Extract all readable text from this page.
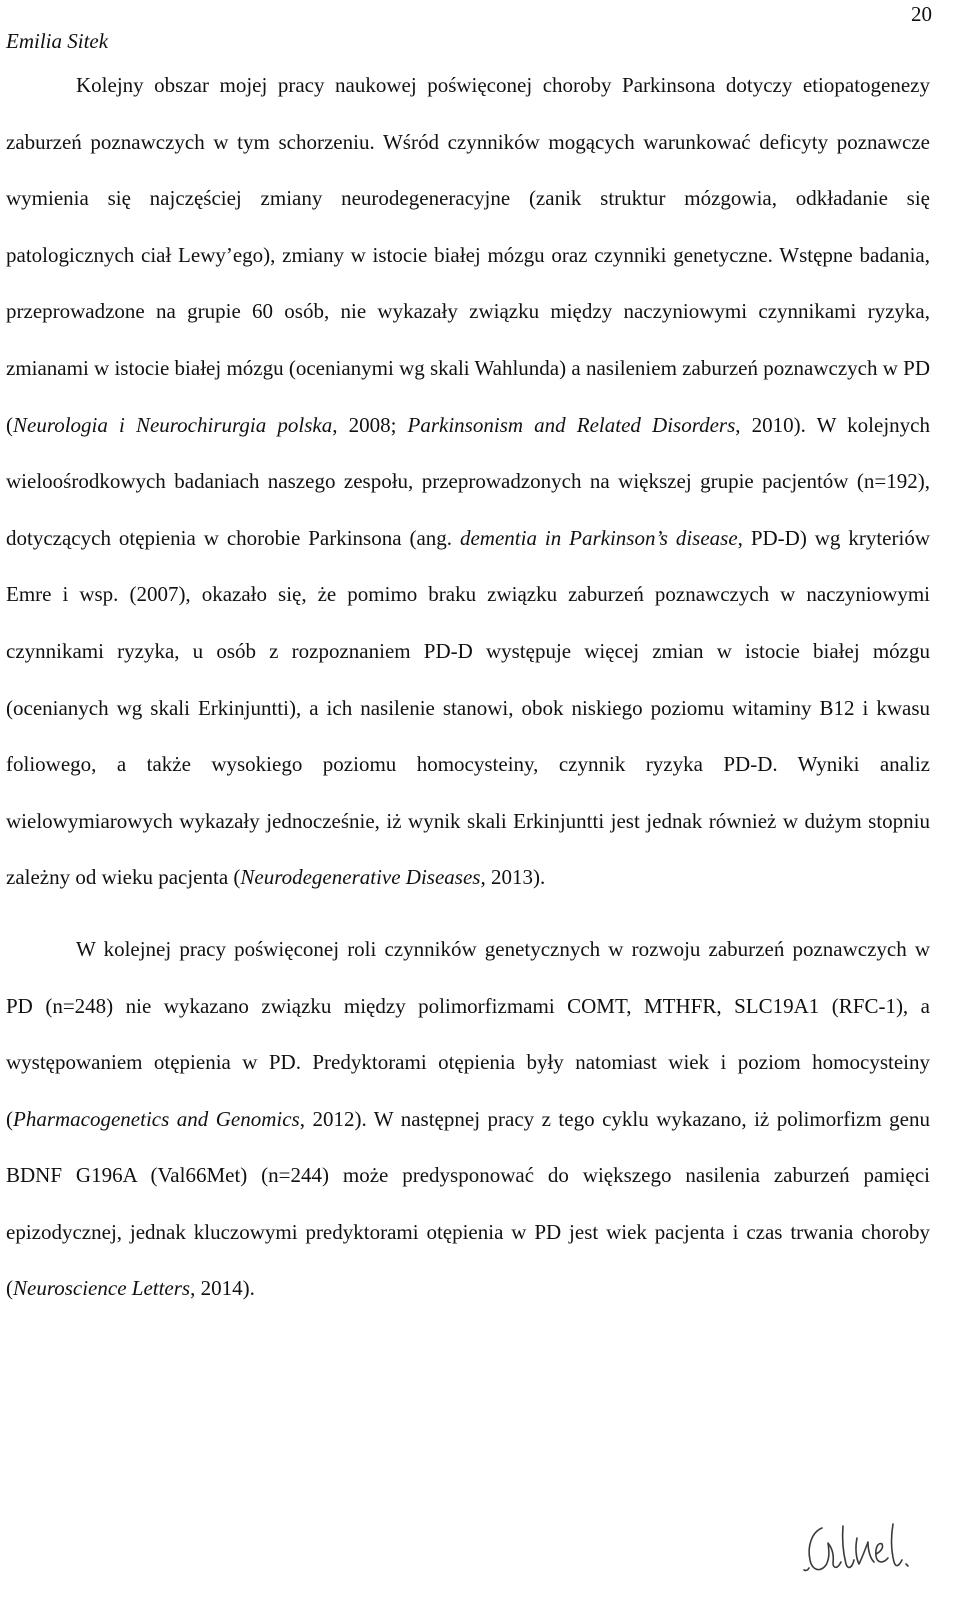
20
Emilia Sitek

Kolejny obszar mojej pracy naukowej poświęconej choroby Parkinsona dotyczy etiopatogenezy zaburzeń poznawczych w tym schorzeniu. Wśród czynników mogących warunkować deficyty poznawcze wymienia się najczęściej zmiany neurodegeneracyjne (zanik struktur mózgowia, odkładanie się patologicznych ciał Lewy’ego), zmiany w istocie białej mózgu oraz czynniki genetyczne. Wstępne badania, przeprowadzone na grupie 60 osób, nie wykazały związku między naczyniowymi czynnikami ryzyka, zmianami w istocie białej mózgu (ocenianymi wg skali Wahlunda) a nasileniem zaburzeń poznawczych w PD (Neurologia i Neurochirurgia polska, 2008; Parkinsonism and Related Disorders, 2010). W kolejnych wieloośrodkowych badaniach naszego zespołu, przeprowadzonych na większej grupie pacjentów (n=192), dotyczących otępienia w chorobie Parkinsona (ang. dementia in Parkinson’s disease, PD-D) wg kryteriów Emre i wsp. (2007), okazało się, że pomimo braku związku zaburzeń poznawczych w naczyniowymi czynnikami ryzyka, u osób z rozpoznaniem PD-D występuje więcej zmian w istocie białej mózgu (ocenianych wg skali Erkinjuntti), a ich nasilenie stanowi, obok niskiego poziomu witaminy B12 i kwasu foliowego, a także wysokiego poziomu homocysteiny, czynnik ryzyka PD-D. Wyniki analiz wielowymiarowych wykazały jednocześnie, iż wynik skali Erkinjuntti jest jednak również w dużym stopniu zależny od wieku pacjenta (Neurodegenerative Diseases, 2013).

W kolejnej pracy poświęconej roli czynników genetycznych w rozwoju zaburzeń poznawczych w PD (n=248) nie wykazano związku między polimorfizmami COMT, MTHFR, SLC19A1 (RFC-1), a występowaniem otępienia w PD. Predyktorami otępienia były natomiast wiek i poziom homocysteiny (Pharmacogenetics and Genomics, 2012). W następnej pracy z tego cyklu wykazano, iż polimorfizm genu BDNF G196A (Val66Met) (n=244) może predysponować do większego nasilenia zaburzeń pamięci epizodycznej, jednak kluczowymi predyktorami otępienia w PD jest wiek pacjenta i czas trwania choroby (Neuroscience Letters, 2014).
